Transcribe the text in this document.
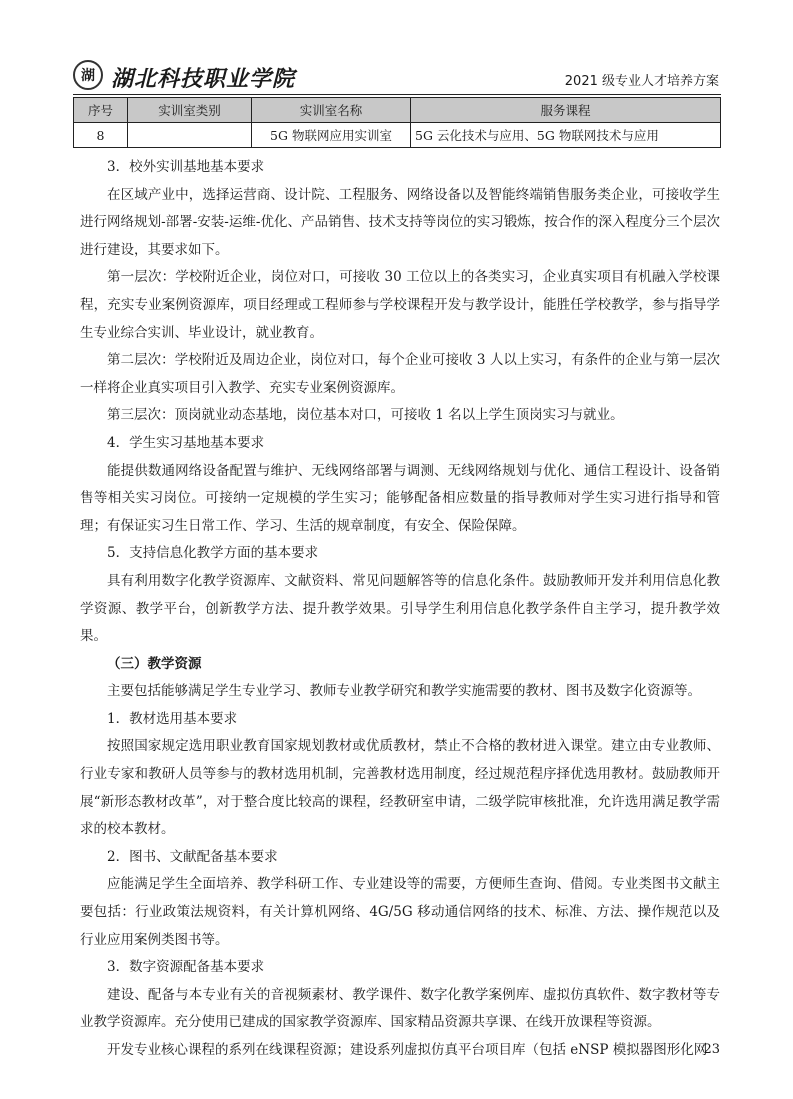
湖 湖北科技职业学院	2021 级专业人才培养方案
序号	实训室类别	实训室名称	服务课程
8		5G 物联网应用实训室	5G 云化技术与应用、5G 物联网技术与应用

3．校外实训基地基本要求

在区域产业中，选择运营商、设计院、工程服务、网络设备以及智能终端销售服务类企业，可接收学生进行网络规划-部署-安装-运维-优化、产品销售、技术支持等岗位的实习锻炼，按合作的深入程度分三个层次进行建设，其要求如下。

第一层次：学校附近企业，岗位对口，可接收 30 工位以上的各类实习，企业真实项目有机融入学校课程，充实专业案例资源库，项目经理或工程师参与学校课程开发与教学设计，能胜任学校教学，参与指导学生专业综合实训、毕业设计，就业教育。

第二层次：学校附近及周边企业，岗位对口，每个企业可接收 3 人以上实习，有条件的企业与第一层次一样将企业真实项目引入教学、充实专业案例资源库。

第三层次：顶岗就业动态基地，岗位基本对口，可接收 1 名以上学生顶岗实习与就业。

4．学生实习基地基本要求

能提供数通网络设备配置与维护、无线网络部署与调测、无线网络规划与优化、通信工程设计、设备销售等相关实习岗位。可接纳一定规模的学生实习；能够配备相应数量的指导教师对学生实习进行指导和管理；有保证实习生日常工作、学习、生活的规章制度，有安全、保险保障。

5．支持信息化教学方面的基本要求

具有利用数字化教学资源库、文献资料、常见问题解答等的信息化条件。鼓励教师开发并利用信息化教学资源、教学平台，创新教学方法、提升教学效果。引导学生利用信息化教学条件自主学习，提升教学效果。

（三）教学资源

主要包括能够满足学生专业学习、教师专业教学研究和教学实施需要的教材、图书及数字化资源等。

1．教材选用基本要求

按照国家规定选用职业教育国家规划教材或优质教材，禁止不合格的教材进入课堂。建立由专业教师、行业专家和教研人员等参与的教材选用机制，完善教材选用制度，经过规范程序择优选用教材。鼓励教师开展“新形态教材改革”，对于整合度比较高的课程，经教研室申请，二级学院审核批准，允许选用满足教学需求的校本教材。

2．图书、文献配备基本要求

应能满足学生全面培养、教学科研工作、专业建设等的需要，方便师生查询、借阅。专业类图书文献主要包括：行业政策法规资料，有关计算机网络、4G/5G 移动通信网络的技术、标准、方法、操作规范以及行业应用案例类图书等。

3．数字资源配备基本要求

建设、配备与本专业有关的音视频素材、教学课件、数字化教学案例库、虚拟仿真软件、数字教材等专业教学资源库。充分使用已建成的国家教学资源库、国家精品资源共享课、在线开放课程等资源。

开发专业核心课程的系列在线课程资源；建设系列虚拟仿真平台项目库（包括 eNSP 模拟器图形化网

23
